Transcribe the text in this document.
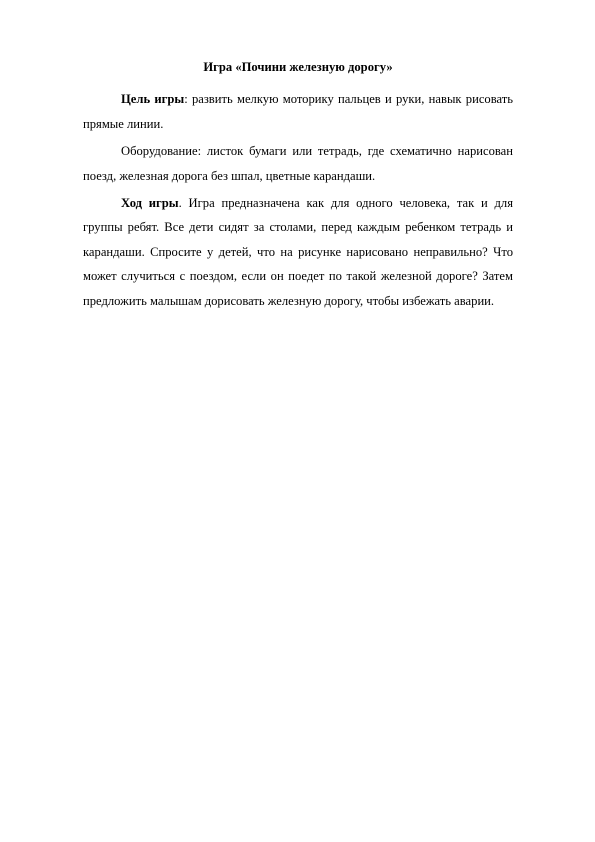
Игра «Почини железную дорогу»

Цель игры: развить мелкую моторику пальцев и руки, навык рисовать прямые линии.

Оборудование: листок бумаги или тетрадь, где схематично нарисован поезд, железная дорога без шпал, цветные карандаши.

Ход игры. Игра предназначена как для одного человека, так и для группы ребят. Все дети сидят за столами, перед каждым ребенком тетрадь и карандаши. Спросите у детей, что на рисунке нарисовано неправильно? Что может случиться с поездом, если он поедет по такой железной дороге? Затем предложить малышам дорисовать железную дорогу, чтобы избежать аварии.
